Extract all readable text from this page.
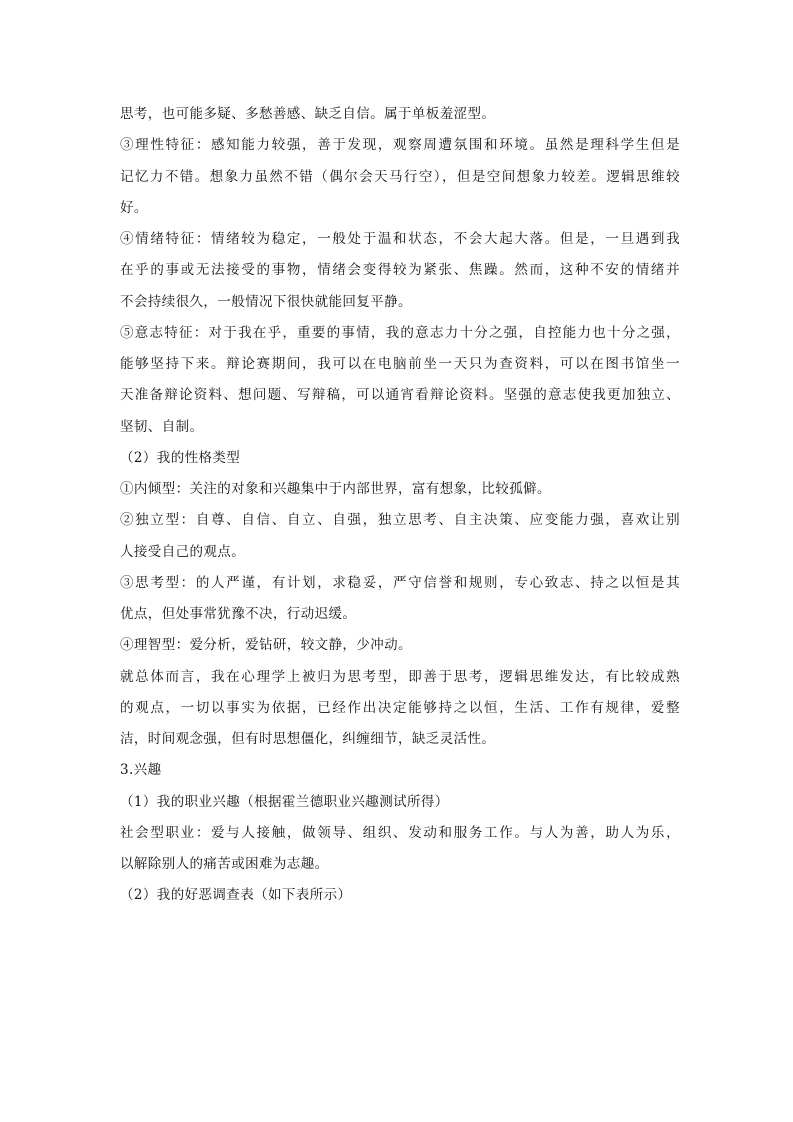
思考，也可能多疑、多愁善感、缺乏自信。属于单板羞涩型。

③理性特征：感知能力较强，善于发现，观察周遭氛围和环境。虽然是理科学生但是

记忆力不错。想象力虽然不错（偶尔会天马行空），但是空间想象力较差。逻辑思维较

好。

④情绪特征：情绪较为稳定，一般处于温和状态，不会大起大落。但是，一旦遇到我

在乎的事或无法接受的事物，情绪会变得较为紧张、焦躁。然而，这种不安的情绪并

不会持续很久，一般情况下很快就能回复平静。

⑤意志特征：对于我在乎，重要的事情，我的意志力十分之强，自控能力也十分之强，

能够坚持下来。辩论赛期间，我可以在电脑前坐一天只为查资料，可以在图书馆坐一

天准备辩论资料、想问题、写辩稿，可以通宵看辩论资料。坚强的意志使我更加独立、

坚韧、自制。

（2）我的性格类型

①内倾型：关注的对象和兴趣集中于内部世界，富有想象，比较孤僻。

②独立型：自尊、自信、自立、自强，独立思考、自主决策、应变能力强，喜欢让别

人接受自己的观点。

③思考型：的人严谨，有计划，求稳妥，严守信誉和规则，专心致志、持之以恒是其

优点，但处事常犹豫不决，行动迟缓。

④理智型：爱分析，爱钻研，较文静，少冲动。

就总体而言，我在心理学上被归为思考型，即善于思考，逻辑思维发达，有比较成熟

的观点，一切以事实为依据，已经作出决定能够持之以恒，生活、工作有规律，爱整

洁，时间观念强，但有时思想僵化，纠缠细节，缺乏灵活性。

3.兴趣

（1）我的职业兴趣（根据霍兰德职业兴趣测试所得）

社会型职业：爱与人接触，做领导、组织、发动和服务工作。与人为善，助人为乐，

以解除别人的痛苦或困难为志趣。

（2）我的好恶调查表（如下表所示）
